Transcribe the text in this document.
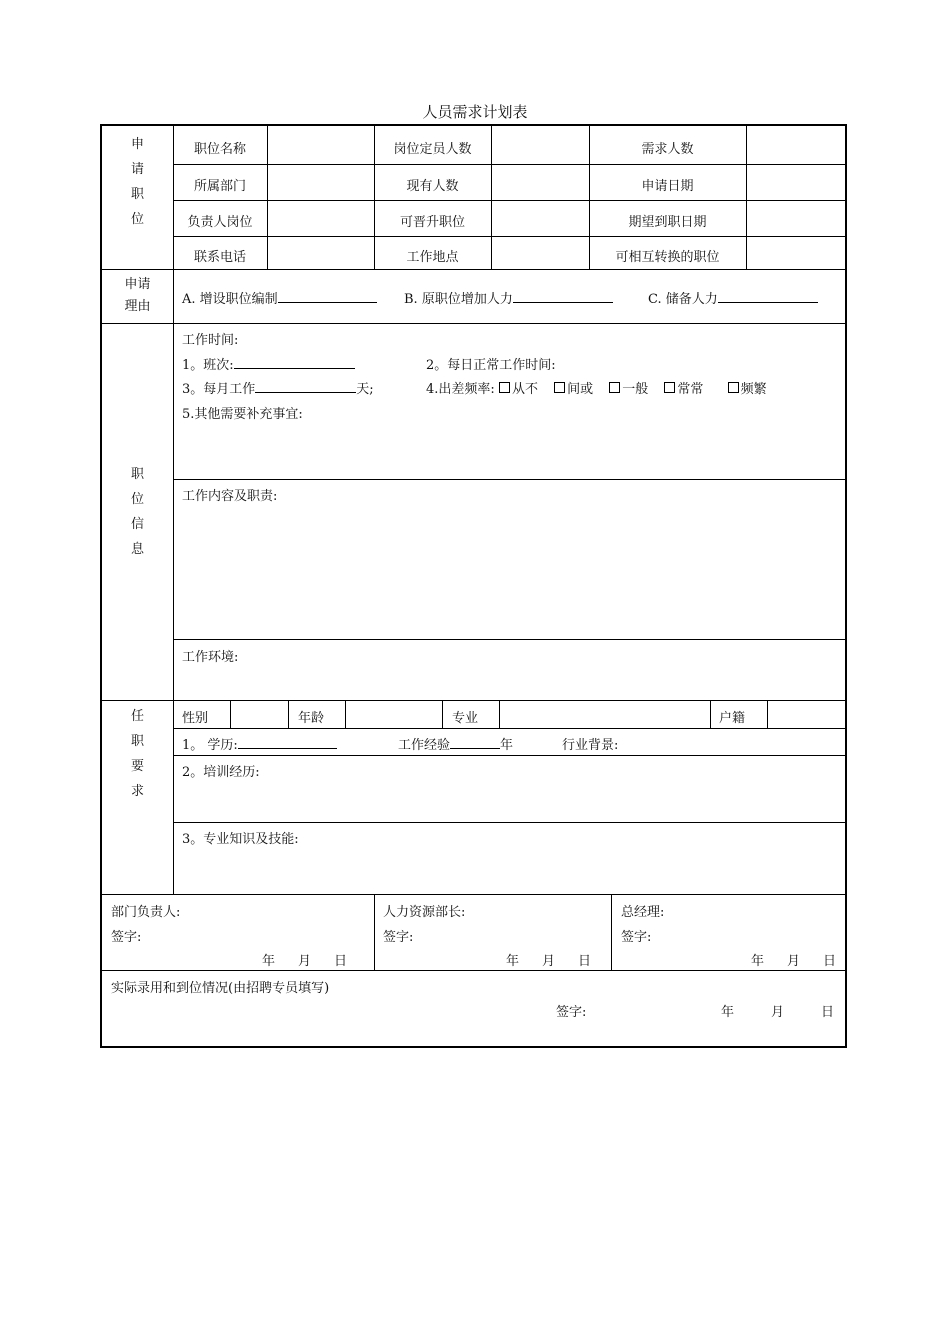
人员需求计划表
申
请
职
位
职位名称	岗位定员人数	需求人数
所属部门	现有人数	申请日期
负责人岗位	可晋升职位	期望到职日期
联系电话	工作地点	可相互转换的职位
申请
理由	A. 增设职位编制	B. 原职位增加人力	C. 储备人力
职
位
信
息
工作时间:
1。班次:	2。每日正常工作时间:
3。每月工作	天;	4.出差频率: 从不 间或 一般 常常	频繁
5.其他需要补充事宜:
工作内容及职责:
工作环境:
任
职
要
求
性别	年龄	专业	户籍
1。 学历:	工作经验	年	行业背景:
2。培训经历:
3。专业知识及技能:
部门负责人:
签字:
年 月 日
人力资源部长:
签字:
年 月 日
总经理:
签字:
年 月 日
实际录用和到位情况(由招聘专员填写)
签字:	年	月	日
